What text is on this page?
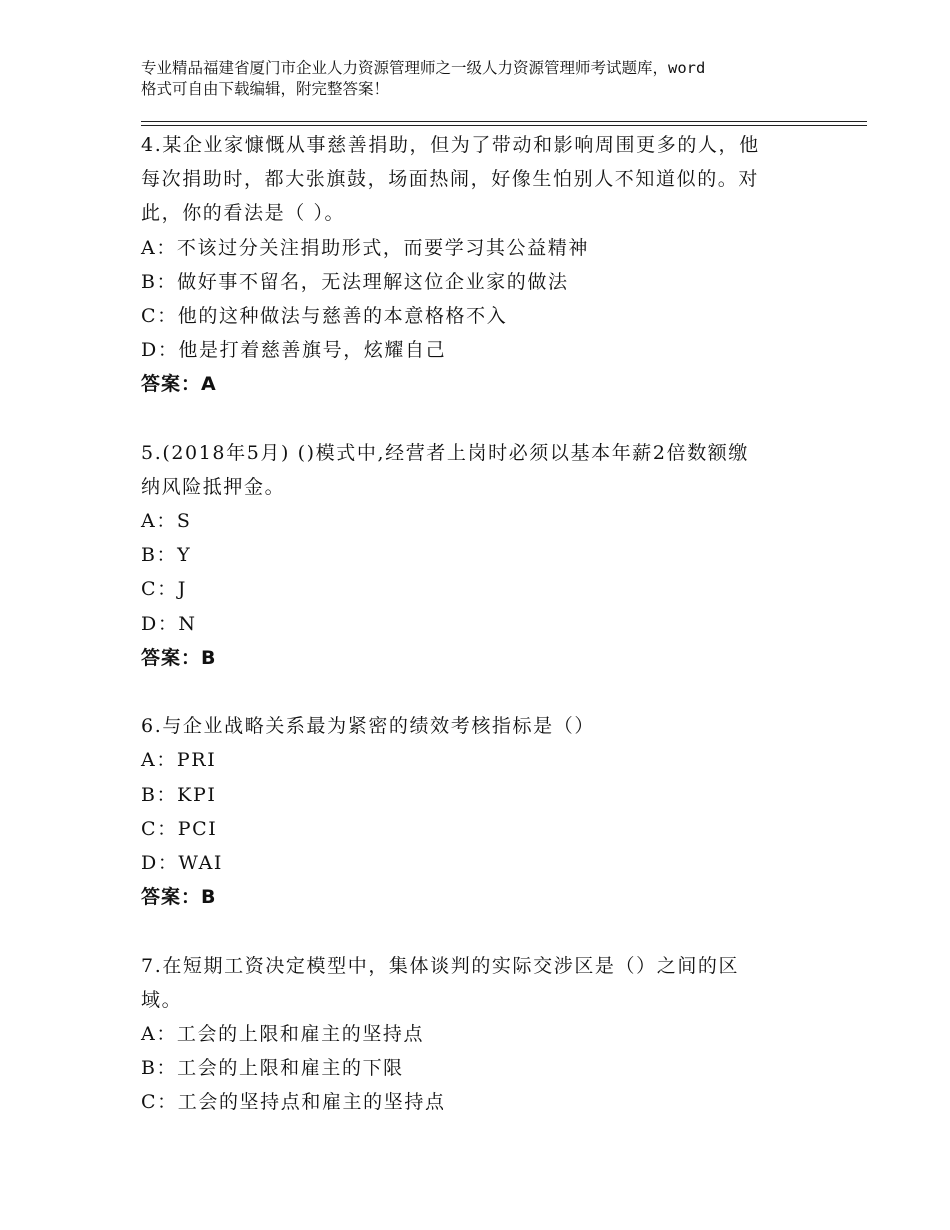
专业精品福建省厦门市企业人力资源管理师之一级人力资源管理师考试题库，word
格式可自由下载编辑，附完整答案！
4.某企业家慷慨从事慈善捐助，但为了带动和影响周围更多的人，他
每次捐助时，都大张旗鼓，场面热闹，好像生怕别人不知道似的。对
此，你的看法是（ ）。
A：不该过分关注捐助形式，而要学习其公益精神
B：做好事不留名，无法理解这位企业家的做法
C：他的这种做法与慈善的本意格格不入
D：他是打着慈善旗号，炫耀自己
答案：A
5.(2018年5月) ()模式中,经营者上岗时必须以基本年薪2倍数额缴
纳风险抵押金。
A：S
B：Y
C：J
D：N
答案：B
6.与企业战略关系最为紧密的绩效考核指标是（）
A：PRI
B：KPI
C：PCI
D：WAI
答案：B
7.在短期工资决定模型中，集体谈判的实际交涉区是（）之间的区
域。
A：工会的上限和雇主的坚持点
B：工会的上限和雇主的下限
C：工会的坚持点和雇主的坚持点
